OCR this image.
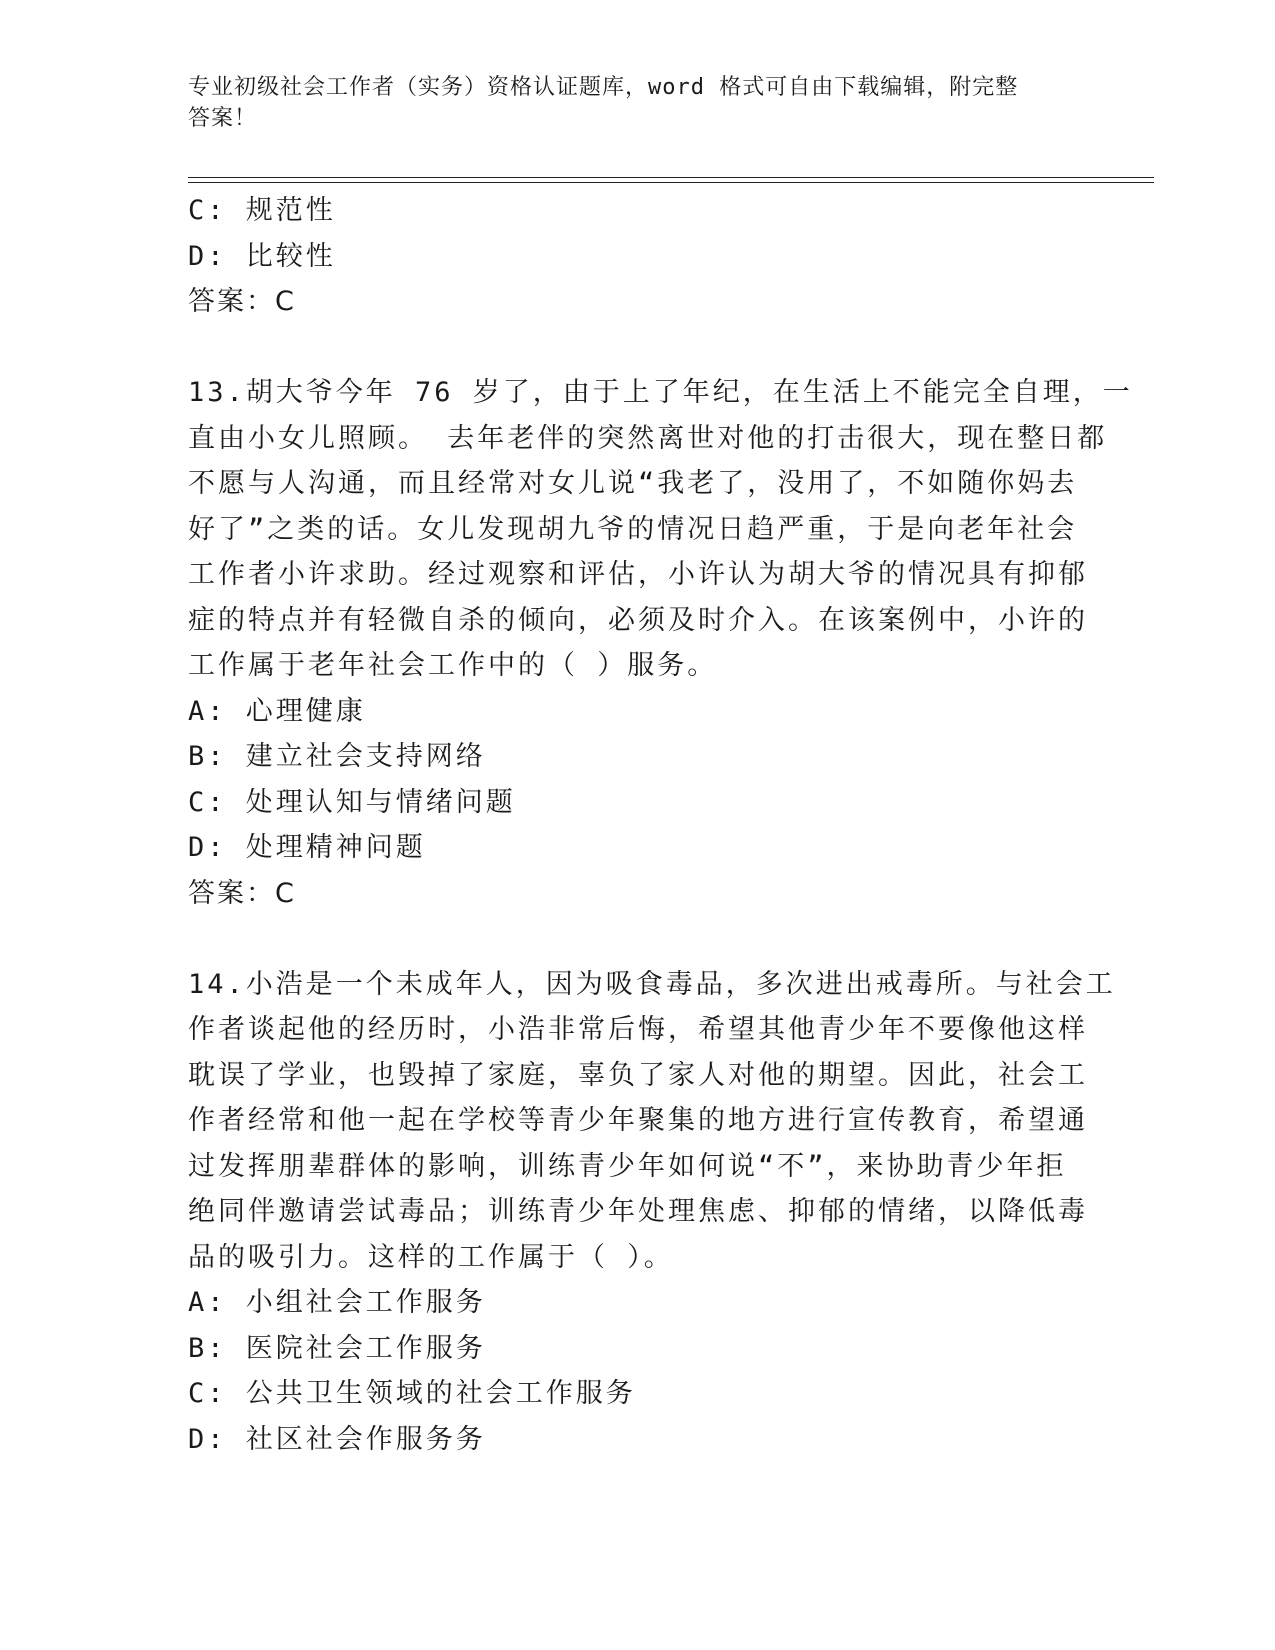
专业初级社会工作者（实务）资格认证题库，word 格式可自由下载编辑，附完整
答案！
C: 规范性
D: 比较性
答案：C
13.胡大爷今年 76 岁了，由于上了年纪，在生活上不能完全自理，一
直由小女儿照顾。 去年老伴的突然离世对他的打击很大，现在整日都
不愿与人沟通，而且经常对女儿说“我老了，没用了，不如随你妈去
好了”之类的话。女儿发现胡九爷的情况日趋严重，于是向老年社会
工作者小许求助。经过观察和评估，小许认为胡大爷的情况具有抑郁
症的特点并有轻微自杀的倾向，必须及时介入。在该案例中，小许的
工作属于老年社会工作中的（ ）服务。
A: 心理健康
B: 建立社会支持网络
C: 处理认知与情绪问题
D: 处理精神问题
答案：C
14.小浩是一个未成年人，因为吸食毒品，多次进出戒毒所。与社会工
作者谈起他的经历时，小浩非常后悔，希望其他青少年不要像他这样
耽误了学业，也毁掉了家庭，辜负了家人对他的期望。因此，社会工
作者经常和他一起在学校等青少年聚集的地方进行宣传教育，希望通
过发挥朋辈群体的影响，训练青少年如何说“不”，来协助青少年拒
绝同伴邀请尝试毒品；训练青少年处理焦虑、抑郁的情绪，以降低毒
品的吸引力。这样的工作属于（ ）。
A: 小组社会工作服务
B: 医院社会工作服务
C: 公共卫生领域的社会工作服务
D: 社区社会作服务务
